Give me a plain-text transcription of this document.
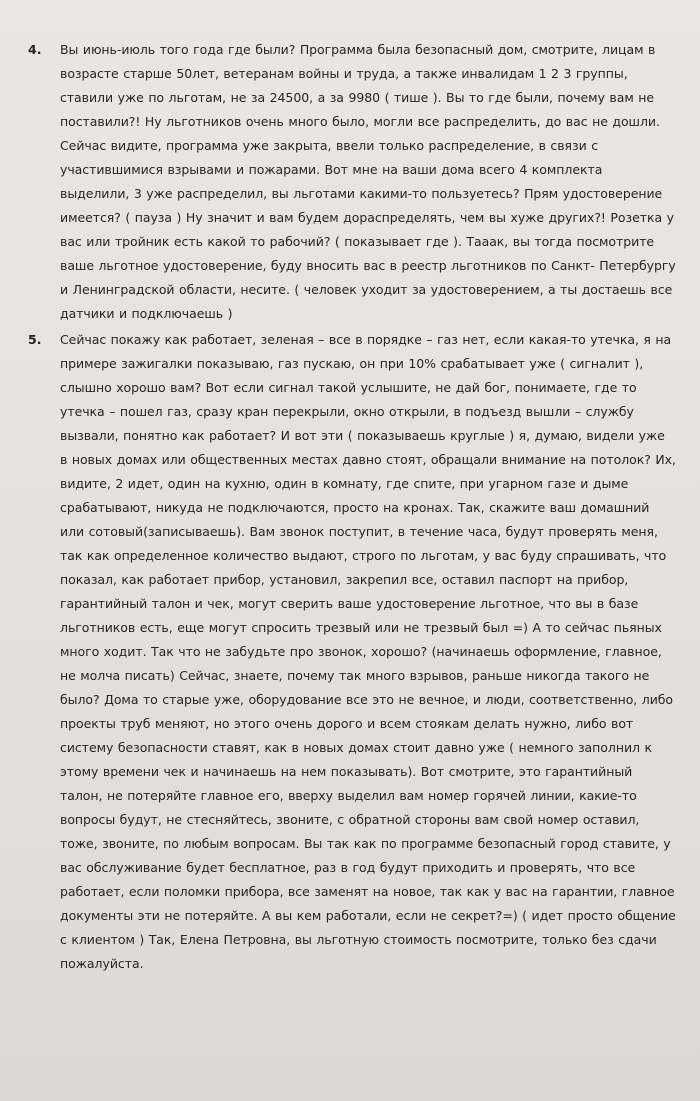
4. Вы июнь-июль того года где были? Программа была безопасный дом, смотрите, лицам в возрасте старше 50лет, ветеранам войны и труда, а также инвалидам 1 2 3 группы, ставили уже по льготам, не за 24500, а за 9980 ( тише ). Вы то где были, почему вам не поставили?! Ну льготников очень много было, могли все распределить, до вас не дошли. Сейчас видите, программа уже закрыта, ввели только распределение, в связи с участившимися взрывами и пожарами. Вот мне на ваши дома всего 4 комплекта выделили, 3 уже распределил, вы льготами какими-то пользуетесь? Прям удостоверение имеется? ( пауза ) Ну значит и вам будем дораспределять, чем вы хуже других?! Розетка у вас или тройник есть какой то рабочий? ( показывает где ). Тааак, вы тогда посмотрите ваше льготное удостоверение, буду вносить вас в реестр льготников по Санкт- Петербургу и Ленинградской области, несите. ( человек уходит за удостоверением, а ты достаешь все датчики и подключаешь )
5. Сейчас покажу как работает, зеленая – все в порядке – газ нет, если какая-то утечка, я на примере зажигалки показываю, газ пускаю, он при 10% срабатывает уже ( сигналит ), слышно хорошо вам? Вот если сигнал такой услышите, не дай бог, понимаете, где то утечка – пошел газ, сразу кран перекрыли, окно открыли, в подъезд вышли – службу вызвали, понятно как работает? И вот эти ( показываешь круглые ) я, думаю, видели уже в новых домах или общественных местах давно стоят, обращали внимание на потолок? Их, видите, 2 идет, один на кухню, один в комнату, где спите, при угарном газе и дыме срабатывают, никуда не подключаются, просто на кронах. Так, скажите ваш домашний или сотовый(записываешь). Вам звонок поступит, в течение часа, будут проверять меня, так как определенное количество выдают, строго по льготам, у вас буду спрашивать, что показал, как работает прибор, установил, закрепил все, оставил паспорт на прибор, гарантийный талон и чек, могут сверить ваше удостоверение льготное, что вы в базе льготников есть, еще могут спросить трезвый или не трезвый был =) А то сейчас пьяных много ходит. Так что не забудьте про звонок, хорошо? (начинаешь оформление, главное, не молча писать) Сейчас, знаете, почему так много взрывов, раньше никогда такого не было? Дома то старые уже, оборудование все это не вечное, и люди, соответственно, либо проекты труб меняют, но этого очень дорого и всем стоякам делать нужно, либо вот систему безопасности ставят, как в новых домах стоит давно уже ( немного заполнил к этому времени чек и начинаешь на нем показывать). Вот смотрите, это гарантийный талон, не потеряйте главное его, вверху выделил вам номер горячей линии, какие-то вопросы будут, не стесняйтесь, звоните, с обратной стороны вам свой номер оставил, тоже, звоните, по любым вопросам. Вы так как по программе безопасный город ставите, у вас обслуживание будет бесплатное, раз в год будут приходить и проверять, что все работает, если поломки прибора, все заменят на новое, так как у вас на гарантии, главное документы эти не потеряйте. А вы кем работали, если не секрет?=) ( идет просто общение с клиентом ) Так, Елена Петровна, вы льготную стоимость посмотрите, только без сдачи пожалуйста.
